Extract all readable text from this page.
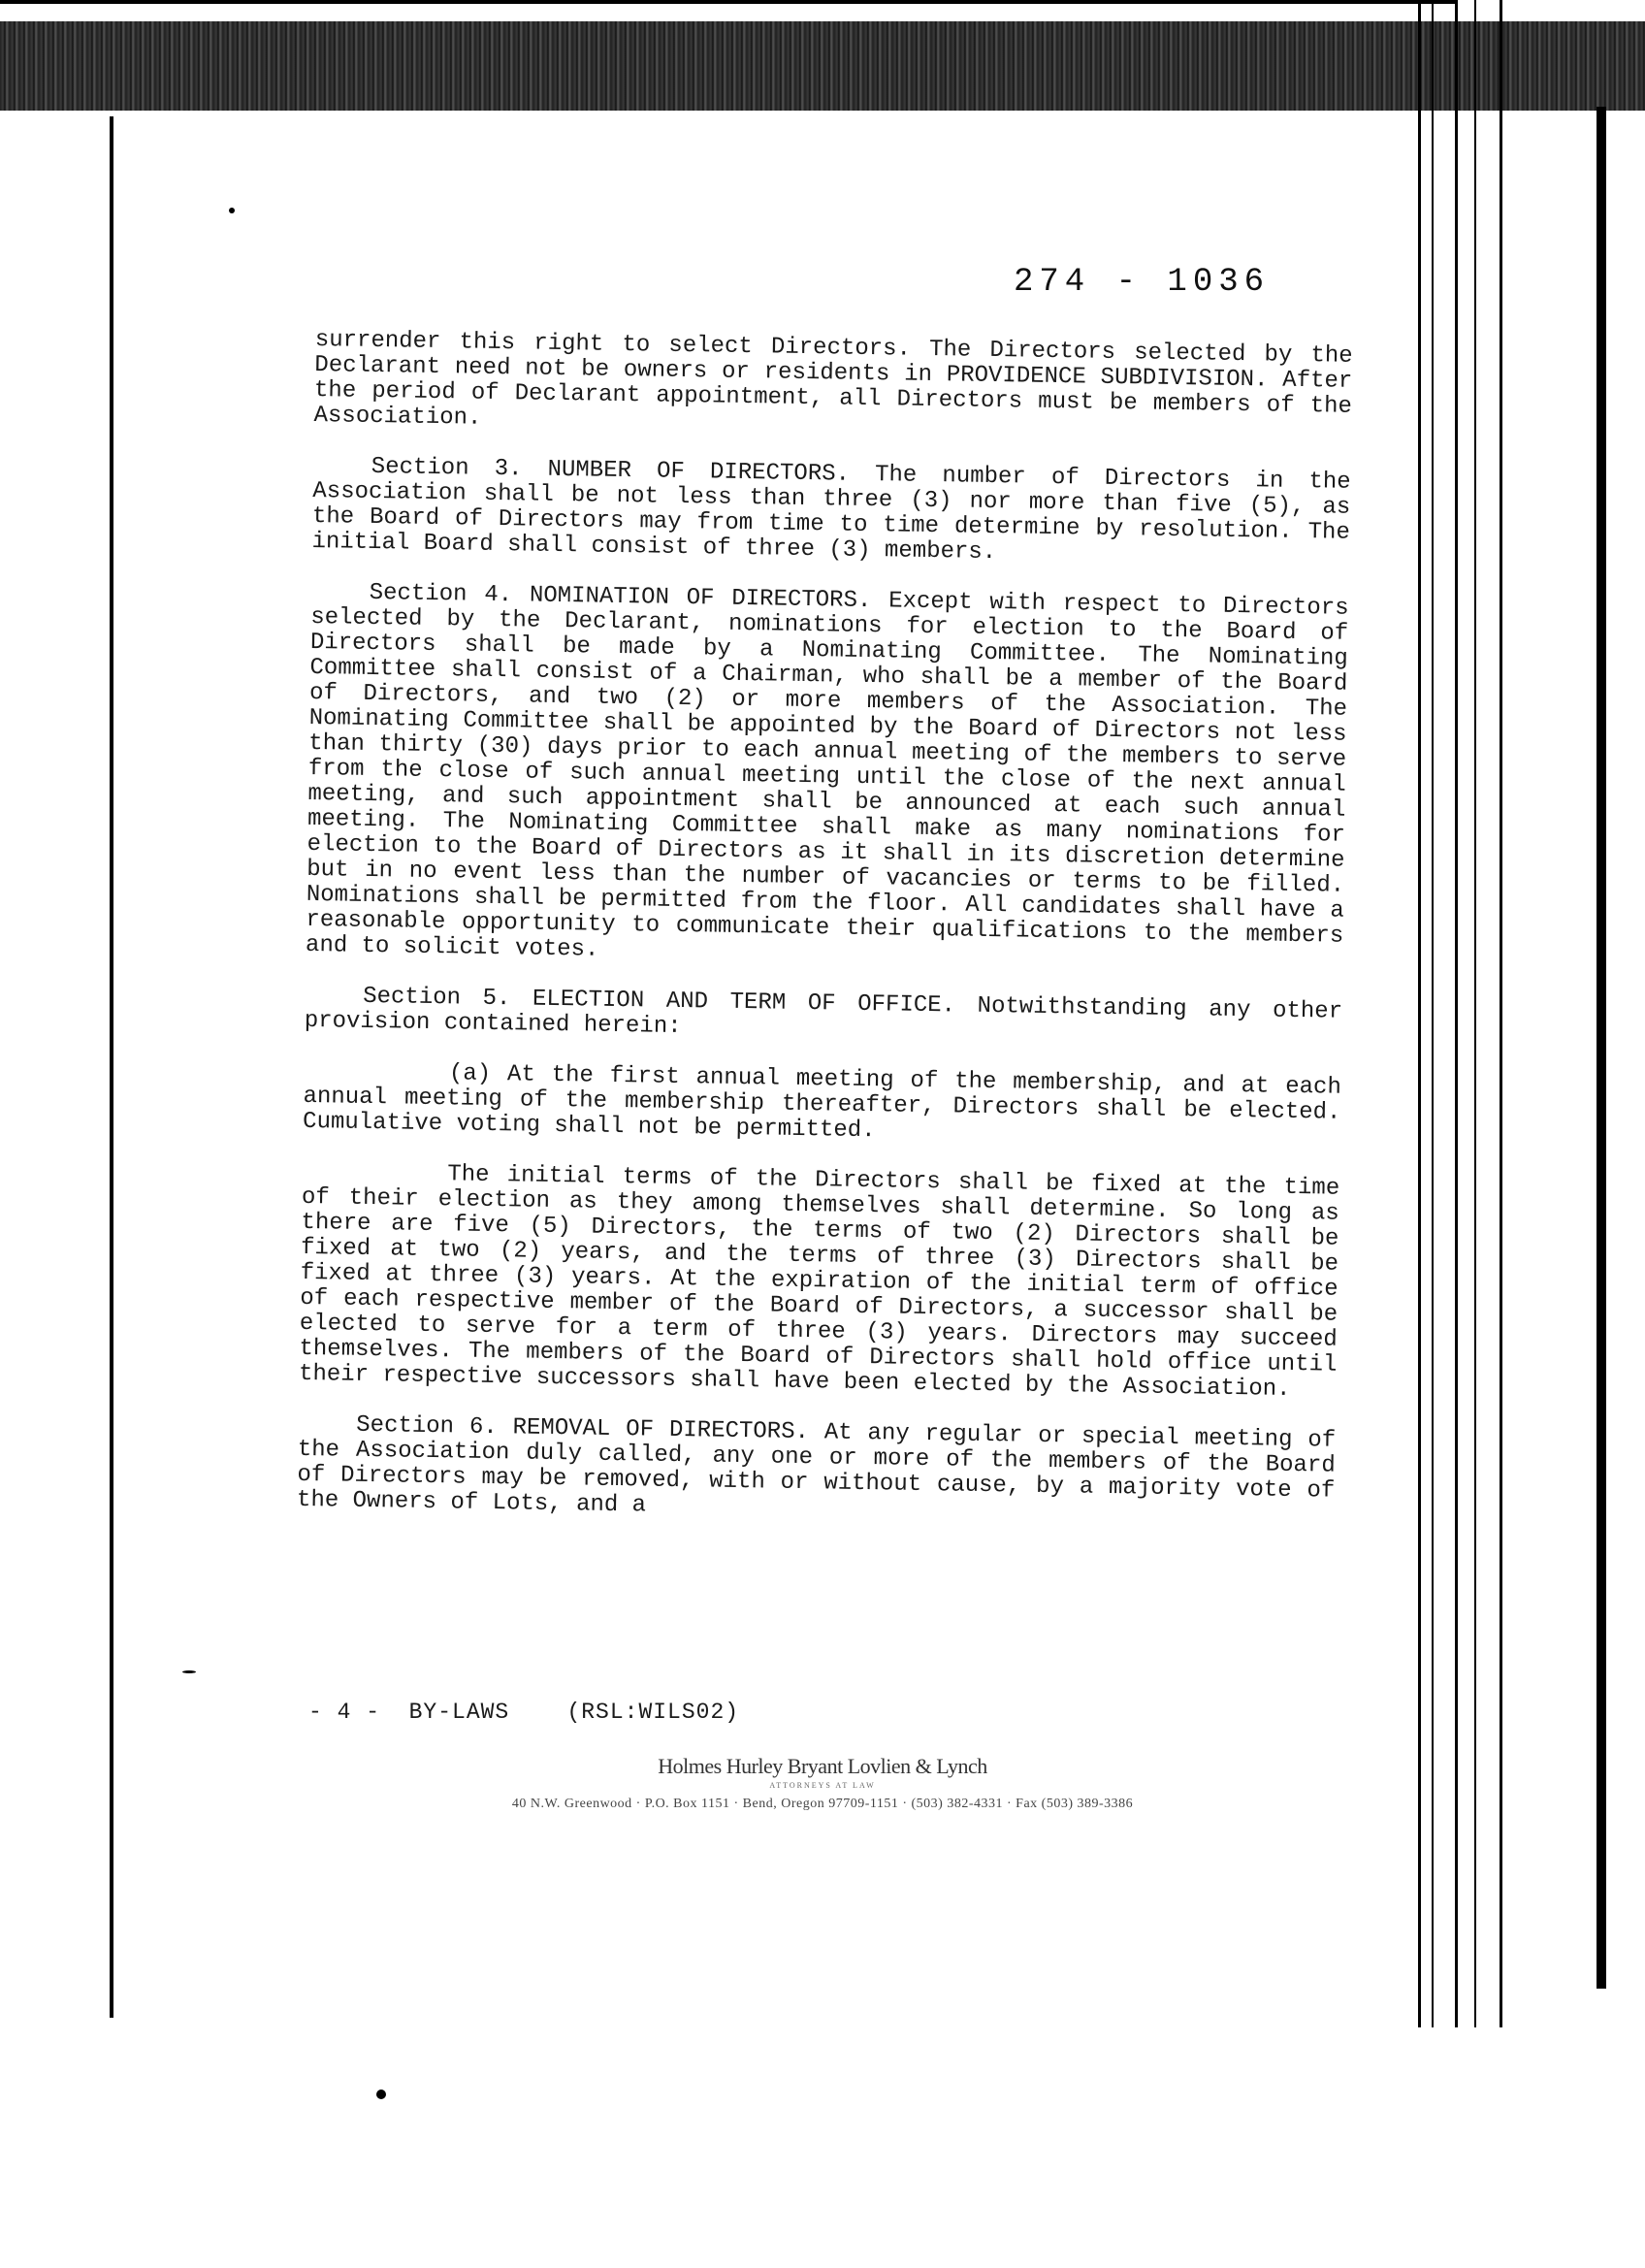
274 - 1036

surrender this right to select Directors. The Directors selected by the Declarant need not be owners or residents in PROVIDENCE SUBDIVISION. After the period of Declarant appointment, all Directors must be members of the Association.

Section 3. NUMBER OF DIRECTORS. The number of Directors in the Association shall be not less than three (3) nor more than five (5), as the Board of Directors may from time to time determine by resolution. The initial Board shall consist of three (3) members.

Section 4. NOMINATION OF DIRECTORS. Except with respect to Directors selected by the Declarant, nominations for election to the Board of Directors shall be made by a Nominating Committee. The Nominating Committee shall consist of a Chairman, who shall be a member of the Board of Directors, and two (2) or more members of the Association. The Nominating Committee shall be appointed by the Board of Directors not less than thirty (30) days prior to each annual meeting of the members to serve from the close of such annual meeting until the close of the next annual meeting, and such appointment shall be announced at each such annual meeting. The Nominating Committee shall make as many nominations for election to the Board of Directors as it shall in its discretion determine but in no event less than the number of vacancies or terms to be filled. Nominations shall be permitted from the floor. All candidates shall have a reasonable opportunity to communicate their qualifications to the members and to solicit votes.

Section 5. ELECTION AND TERM OF OFFICE. Notwithstanding any other provision contained herein:

(a) At the first annual meeting of the membership, and at each annual meeting of the membership thereafter, Directors shall be elected. Cumulative voting shall not be permitted.

The initial terms of the Directors shall be fixed at the time of their election as they among themselves shall determine. So long as there are five (5) Directors, the terms of two (2) Directors shall be fixed at two (2) years, and the terms of three (3) Directors shall be fixed at three (3) years. At the expiration of the initial term of office of each respective member of the Board of Directors, a successor shall be elected to serve for a term of three (3) years. Directors may succeed themselves. The members of the Board of Directors shall hold office until their respective successors shall have been elected by the Association.

Section 6. REMOVAL OF DIRECTORS. At any regular or special meeting of the Association duly called, any one or more of the members of the Board of Directors may be removed, with or without cause, by a majority vote of the Owners of Lots, and a

- 4 -  BY-LAWS    (RSL:WILS02)
Holmes Hurley Bryant Lovlien & Lynch
ATTORNEYS AT LAW
40 N.W. Greenwood · P.O. Box 1151 · Bend, Oregon 97709-1151 · (503) 382-4331 · Fax (503) 389-3386
